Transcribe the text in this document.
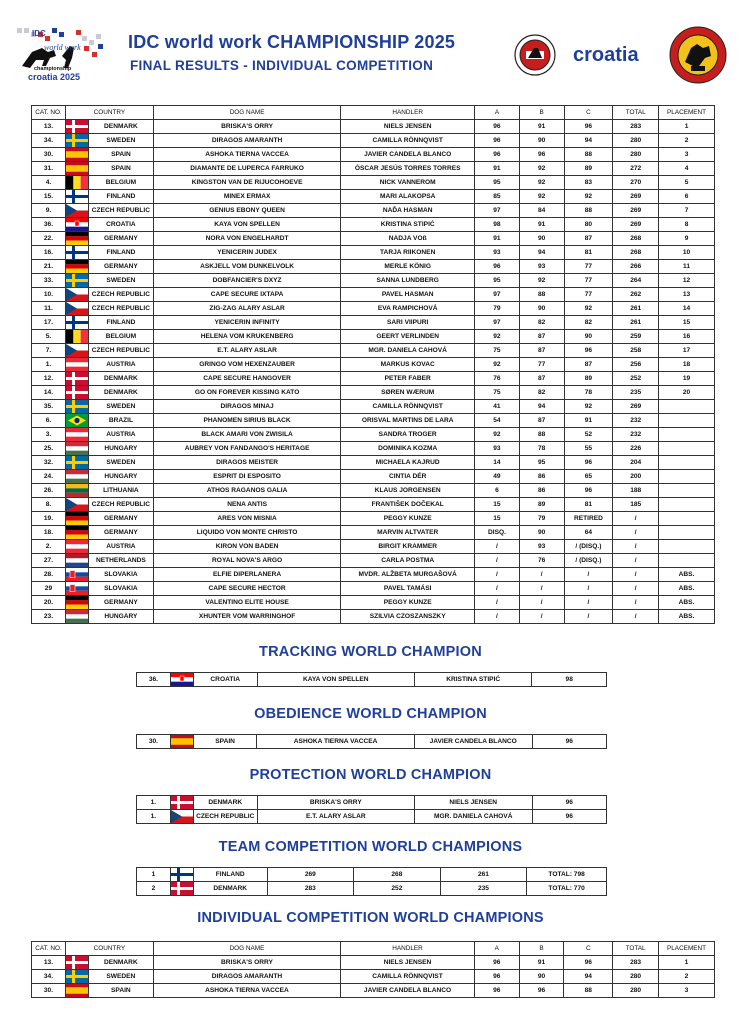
IDC
world work
championship
croatia 2025
IDC world work CHAMPIONSHIP 2025
FINAL RESULTS - INDIVIDUAL COMPETITION	croatia
CAT. NO.	COUNTRY		DOG NAME	HANDLER	A	B	C	TOTAL	PLACEMENT
13.		DENMARK	BRISKA'S ORRY	NIELS JENSEN	96	91	96	283	1
34.		SWEDEN	DIRAGOS AMARANTH	CAMILLA RÖNNQVIST	96	90	94	280	2
30.		SPAIN	ASHOKA TIERNA VACCEA	JAVIER CANDELA BLANCO	96	96	88	280	3
31.		SPAIN	DIAMANTE DE LUPERCA FARRUKO	ÓSCAR JESÚS TORRES TORRES	91	92	89	272	4
4.		BELGIUM	KINGSTON VAN DE RIJUCOHOEVE	NICK VANNEROM	95	92	83	270	5
15.		FINLAND	MINEX ERMAX	MARI ALAKOPSA	85	92	92	269	6
9.		CZECH REPUBLIC	GENIUS EBONY QUEEN	NAĎA HASMAN	97	84	88	269	7
36.		CROATIA	KAYA VON SPELLEN	KRISTINA STIPIĆ	98	91	80	269	8
22.		GERMANY	NORA VON ENGELHARDT	NADJA VOß	91	90	87	268	9
16.		FINLAND	YENICERIN JUDEX	TARJA RIIKONEN	93	94	81	268	10
21.		GERMANY	ASKJELL VOM DUNKELVOLK	MERLE KÖNIG	96	93	77	266	11
33.		SWEDEN	DOBFANCIER'S DXYZ	SANNA LUNDBERG	95	92	77	264	12
10.		CZECH REPUBLIC	CAPE SECURE IXTAPA	PAVEL HASMAN	97	88	77	262	13
11.		CZECH REPUBLIC	ZIG-ZAG ALARY ASLAR	EVA RAMPICHOVÁ	79	90	92	261	14
17.		FINLAND	YENICERIN INFINITY	SARI VIIPURI	97	82	82	261	15
5.		BELGIUM	HELENA VOM KRUKENBERG	GEERT VERLINDEN	92	87	90	259	16
7.		CZECH REPUBLIC	E.T. ALARY ASLAR	MGR. DANIELA CAHOVÁ	75	87	96	258	17
1.		AUSTRIA	GRINGO VOM HEXENZAUBER	MARKUS KOVAC	92	77	87	256	18
12.		DENMARK	CAPE SECURE HANGOVER	PETER FABER	76	87	89	252	19
14.		DENMARK	GO ON FOREVER KISSING KATO	SØREN WÆRUM	75	82	78	235	20
35.		SWEDEN	DIRAGOS MINAJ	CAMILLA RÖNNQVIST	41	94	92	269	
6.		BRAZIL	PHANOMEN SIRIUS BLACK	ORISVAL MARTINS DE LARA	54	87	91	232	
3.		AUSTRIA	BLACK AMARI VON ZWISILA	SANDRA TROGER	92	88	52	232	
25.		HUNGARY	AUBREY VON FANDANGO'S HERITAGE	DOMINIKA KOZMA	93	78	55	226	
32.		SWEDEN	DIRAGOS MEISTER	MICHAELA KAJRUD	14	95	96	204	
24.		HUNGARY	ESPRIT DI ESPOSITO	CINTIA DÉR	49	86	65	200	
26.		LITHUANIA	ATHOS RAGANOS GALIA	KLAUS JORGENSEN	6	86	96	188	
8.		CZECH REPUBLIC	NENA ANTIS	FRANTIŠEK DOČEKAL	15	89	81	185	
19.		GERMANY	ARES VON MISNIA	PEGGY KUNZE	15	79	RETIRED	/	
18.		GERMANY	LIQUIDO VON MONTE CHRISTO	MARVIN ALTVATER	DISQ.	90	64	/	
2.		AUSTRIA	KIRON VON BADEN	BIRGIT KRAMMER	/	93	/ (DISQ.)	/	
27.		NETHERLANDS	ROYAL NOVA'S ARGO	CARLA POSTMA	/	76	/ (DISQ.)	/	
28.		SLOVAKIA	ELFIE DIPERLANERA	MVDR. ALŽBETA MURGAŠOVÁ	/	/	/	/	ABS.
29		SLOVAKIA	CAPE SECURE HECTOR	PAVEL TAMÁSI	/	/	/	/	ABS.
20.		GERMANY	VALENTINO ELITE HOUSE	PEGGY KUNZE	/	/	/	/	ABS.
23.		HUNGARY	XHUNTER VOM WARRINGHOF	SZILVIA CZOSZANSZKY	/	/	/	/	ABS.
TRACKING WORLD CHAMPION
36.		CROATIA	KAYA VON SPELLEN	KRISTINA STIPIĆ	98
OBEDIENCE WORLD CHAMPION
30.		SPAIN	ASHOKA TIERNA VACCEA	JAVIER CANDELA BLANCO	96
PROTECTION WORLD CHAMPION
1.		DENMARK	BRISKA'S ORRY	NIELS JENSEN	96
1.		CZECH REPUBLIC	E.T. ALARY ASLAR	MGR. DANIELA CAHOVÁ	96
TEAM COMPETITION WORLD CHAMPIONS
1		FINLAND	269	268	261	TOTAL: 798
2		DENMARK	283	252	235	TOTAL: 770
INDIVIDUAL COMPETITION WORLD CHAMPIONS
CAT. NO.	COUNTRY		DOG NAME	HANDLER	A	B	C	TOTAL	PLACEMENT
13.		DENMARK	BRISKA'S ORRY	NIELS JENSEN	96	91	96	283	1
34.		SWEDEN	DIRAGOS AMARANTH	CAMILLA RÖNNQVIST	96	90	94	280	2
30.		SPAIN	ASHOKA TIERNA VACCEA	JAVIER CANDELA BLANCO	96	96	88	280	3
